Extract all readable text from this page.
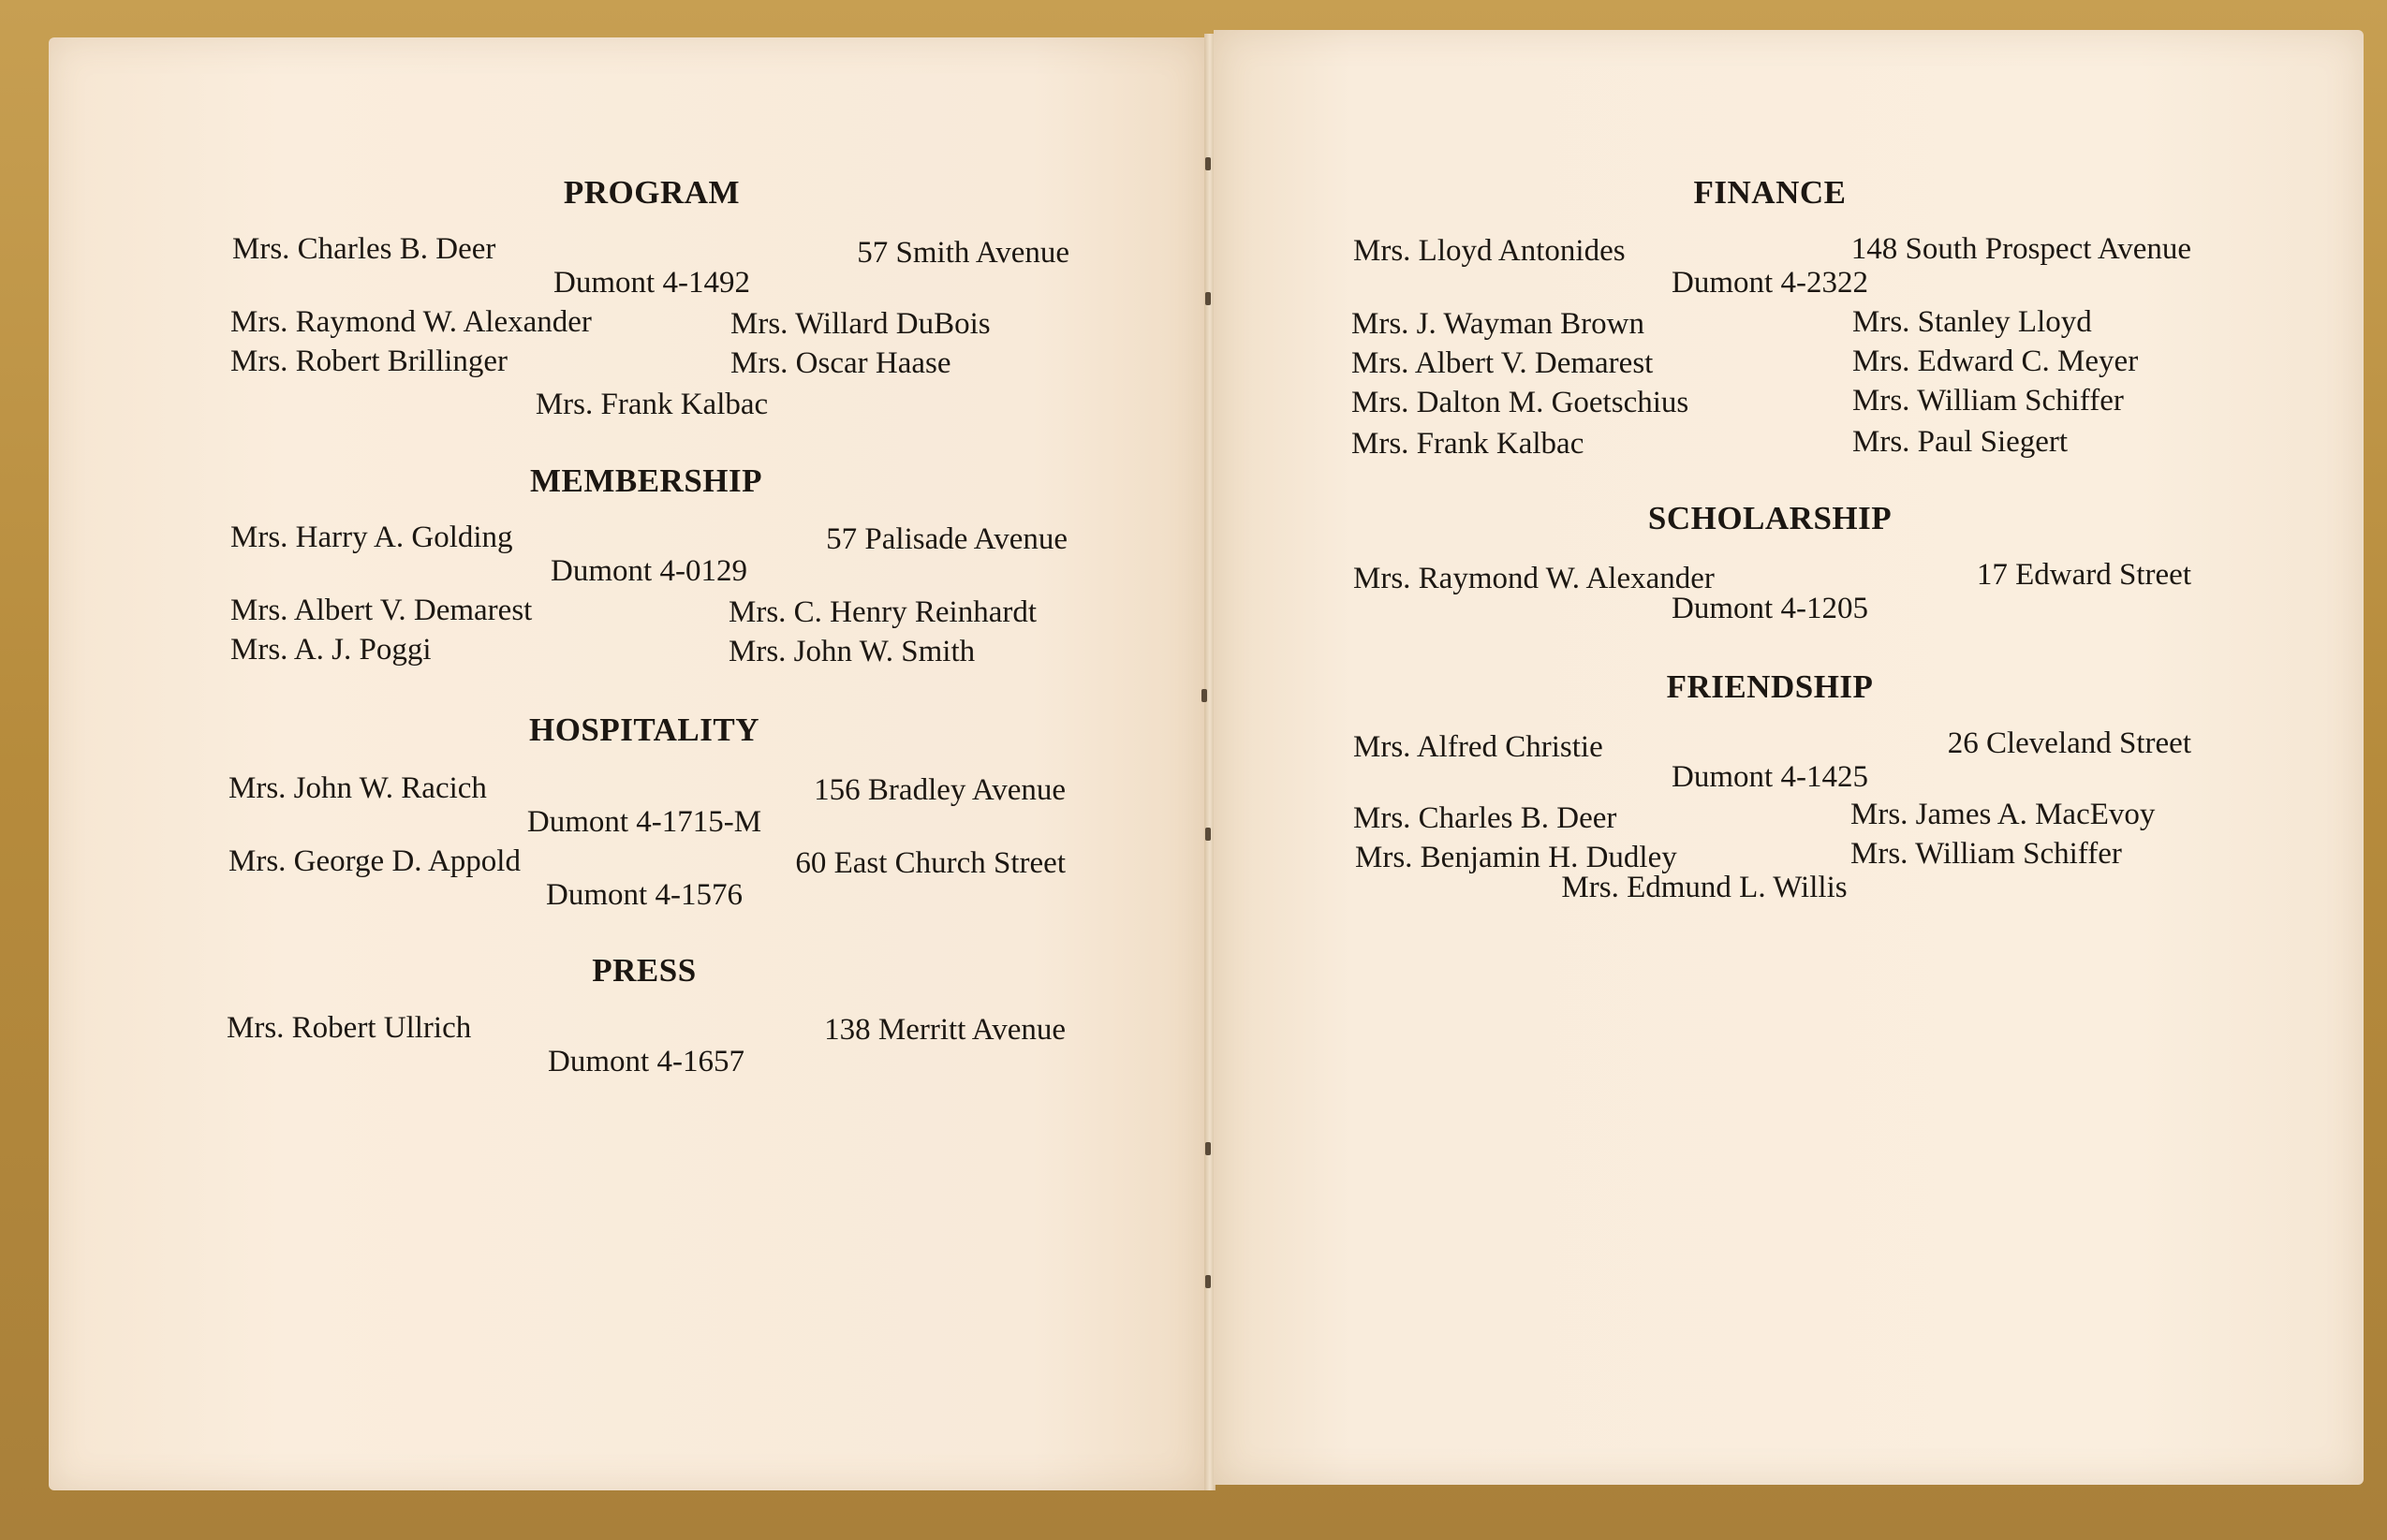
PROGRAM
Mrs. Charles B. Deer	57 Smith Avenue
Dumont 4-1492
Mrs. Raymond W. Alexander	Mrs. Willard DuBois
Mrs. Robert Brillinger	Mrs. Oscar Haase
Mrs. Frank Kalbac
MEMBERSHIP
Mrs. Harry A. Golding	57 Palisade Avenue
Dumont 4-0129
Mrs. Albert V. Demarest	Mrs. C. Henry Reinhardt
Mrs. A. J. Poggi	Mrs. John W. Smith
HOSPITALITY
Mrs. John W. Racich	156 Bradley Avenue
Dumont 4-1715-M
Mrs. George D. Appold	60 East Church Street
Dumont 4-1576
PRESS
Mrs. Robert Ullrich	138 Merritt Avenue
Dumont 4-1657
FINANCE
Mrs. Lloyd Antonides	148 South Prospect Avenue
Dumont 4-2322
Mrs. J. Wayman Brown	Mrs. Stanley Lloyd
Mrs. Albert V. Demarest	Mrs. Edward C. Meyer
Mrs. Dalton M. Goetschius	Mrs. William Schiffer
Mrs. Frank Kalbac	Mrs. Paul Siegert
SCHOLARSHIP
Mrs. Raymond W. Alexander	17 Edward Street
Dumont 4-1205
FRIENDSHIP
Mrs. Alfred Christie	26 Cleveland Street
Dumont 4-1425
Mrs. Charles B. Deer	Mrs. James A. MacEvoy
Mrs. Benjamin H. Dudley	Mrs. William Schiffer
Mrs. Edmund L. Willis
